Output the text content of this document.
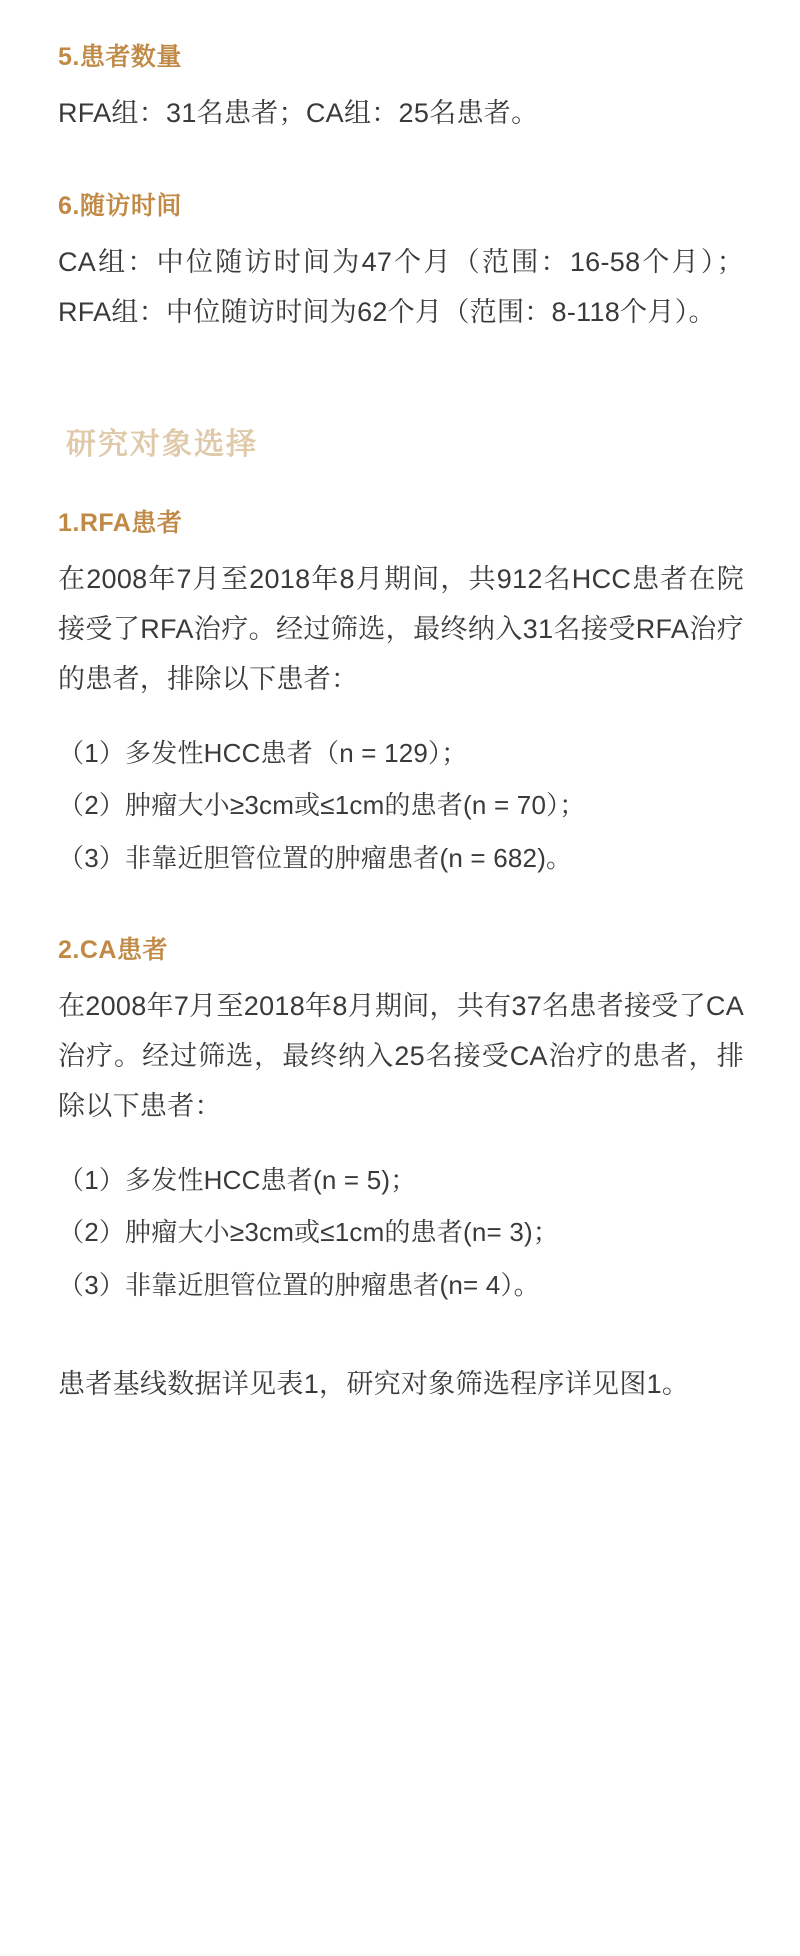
5.患者数量

RFA组：31名患者；CA组：25名患者。

6.随访时间

CA组：中位随访时间为47个月（范围：16-58个月）；RFA组：中位随访时间为62个月（范围：8-118个月）。

研究对象选择
1.RFA患者

在2008年7月至2018年8月期间，共912名HCC患者在院接受了RFA治疗。经过筛选，最终纳入31名接受RFA治疗的患者，排除以下患者：

（1）多发性HCC患者（n = 129）；
（2）肿瘤大小≥3cm或≤1cm的患者(n = 70）；
（3）非靠近胆管位置的肿瘤患者(n = 682)。
2.CA患者

在2008年7月至2018年8月期间，共有37名患者接受了CA治疗。经过筛选，最终纳入25名接受CA治疗的患者，排除以下患者：

（1）多发性HCC患者(n = 5)；
（2）肿瘤大小≥3cm或≤1cm的患者(n= 3)；
（3）非靠近胆管位置的肿瘤患者(n= 4）。

患者基线数据详见表1，研究对象筛选程序详见图1。
